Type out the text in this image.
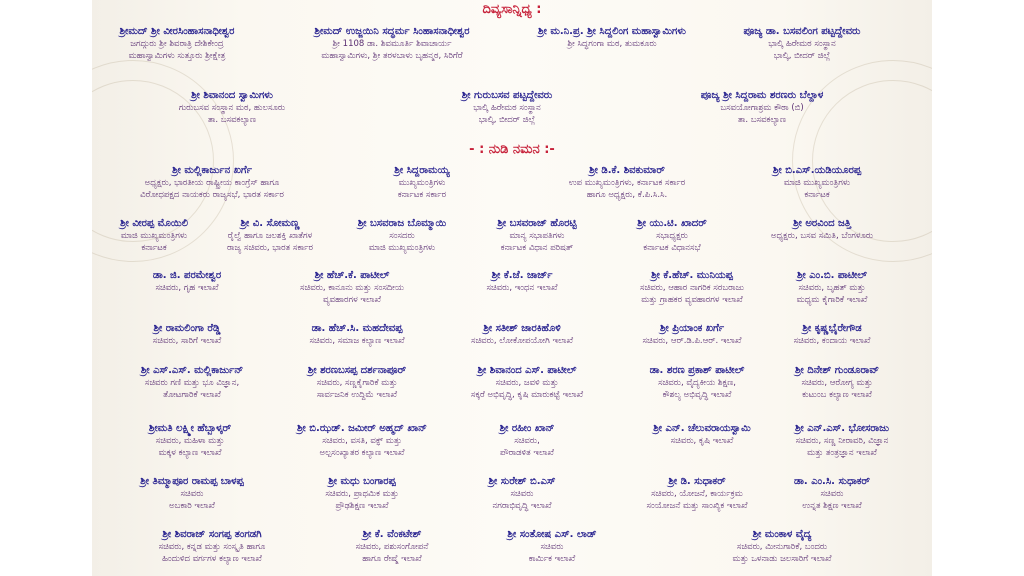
ದಿವ್ಯಸಾನ್ನಿಧ್ಯ :
ಶ್ರೀಮದ್ ಶ್ರೀ ವೀರಸಿಂಹಾಸನಾಧೀಶ್ವರ
ಜಗದ್ಗುರು ಶ್ರೀ ಶಿವರಾತ್ರಿ ದೇಶಿಕೇಂದ್ರ
ಮಹಾಸ್ವಾಮಿಗಳು ಸುತ್ತೂರು ಶ್ರೀಕ್ಷೇತ್ರ
ಶ್ರೀಮದ್ ಉಜ್ಜಯಿನಿ ಸದ್ಧರ್ಮ ಸಿಂಹಾಸನಾಧೀಶ್ವರ
ಶ್ರೀ 1108 ಡಾ. ಶಿವಮೂರ್ತಿ ಶಿವಾಚಾರ್ಯ
ಮಹಾಸ್ವಾಮಿಗಳು, ಶ್ರೀ ತರಳಬಾಳು ಬೃಹನ್ಮಠ, ಸಿರಿಗೆರೆ
ಶ್ರೀ ಮ.ನಿ.ಪ್ರ. ಶ್ರೀ ಸಿದ್ದಲಿಂಗ ಮಹಾಸ್ವಾಮಿಗಳು
ಶ್ರೀ ಸಿದ್ಧಗಂಗಾ ಮಠ, ತುಮಕೂರು
ಪೂಜ್ಯ ಡಾ. ಬಸವಲಿಂಗ ಪಟ್ಟದ್ದೇವರು
ಭಾಲ್ಕಿ ಹಿರೇಮಠ ಸಂಸ್ಥಾನ
ಭಾಲ್ಕಿ, ಬೀದರ್ ಜಿಲ್ಲೆ
ಶ್ರೀ ಶಿವಾನಂದ ಸ್ವಾಮಿಗಳು
ಗುರುಬಸವ ಸಂಸ್ಥಾನ ಮಠ, ಹುಲಸೂರು
ತಾ. ಬಸವಕಲ್ಯಾಣ
ಶ್ರೀ ಗುರುಬಸವ ಪಟ್ಟದ್ದೇವರು
ಭಾಲ್ಕಿ ಹಿರೇಮಠ ಸಂಸ್ಥಾನ
ಭಾಲ್ಕಿ, ಬೀದರ್ ಜಿಲ್ಲೆ
ಪೂಜ್ಯ ಶ್ರೀ ಸಿದ್ದರಾಮ ಶರಣರು ಬೆಲ್ದಾಳ
ಬಸವಯೋಗಾಶ್ರಮ ಕೌಠಾ (ಬಿ)
ತಾ. ಬಸವಕಲ್ಯಾಣ
- : ನುಡಿ ನಮನ :-
ಶ್ರೀ ಮಲ್ಲಿಕಾರ್ಜುನ ಖರ್ಗೆ
ಅಧ್ಯಕ್ಷರು, ಭಾರತೀಯ ರಾಷ್ಟ್ರೀಯ ಕಾಂಗ್ರೆಸ್ ಹಾಗೂ
ವಿರೋಧಪಕ್ಷದ ನಾಯಕರು ರಾಜ್ಯಸಭೆ, ಭಾರತ ಸರ್ಕಾರ
ಶ್ರೀ ಸಿದ್ದರಾಮಯ್ಯ
ಮುಖ್ಯಮಂತ್ರಿಗಳು
ಕರ್ನಾಟಕ ಸರ್ಕಾರ
ಶ್ರೀ ಡಿ.ಕೆ. ಶಿವಕುಮಾರ್
ಉಪ ಮುಖ್ಯಮಂತ್ರಿಗಳು, ಕರ್ನಾಟಕ ಸರ್ಕಾರ
ಹಾಗೂ ಅಧ್ಯಕ್ಷರು, ಕೆ.ಪಿ.ಸಿ.ಸಿ.
ಶ್ರೀ ಬಿ.ಎಸ್.ಯಡಿಯೂರಪ್ಪ
ಮಾಜಿ ಮುಖ್ಯಮಂತ್ರಿಗಳು
ಕರ್ನಾಟಕ
ಶ್ರೀ ವೀರಪ್ಪ ಮೊಯಿಲಿ
ಮಾಜಿ ಮುಖ್ಯಮಂತ್ರಿಗಳು
ಕರ್ನಾಟಕ
ಶ್ರೀ ವಿ. ಸೋಮಣ್ಣ
ರೈಲ್ವೆ ಹಾಗೂ ಜಲಶಕ್ತಿ ಖಾತೆಗಳ
ರಾಜ್ಯ ಸಚಿವರು, ಭಾರತ ಸರ್ಕಾರ
ಶ್ರೀ ಬಸವರಾಜ ಬೊಮ್ಮಾಯಿ
ಸಂಸದರು
ಮಾಜಿ ಮುಖ್ಯಮಂತ್ರಿಗಳು
ಶ್ರೀ ಬಸವರಾಜ್ ಹೊರಟ್ಟಿ
ಮಾನ್ಯ ಸಭಾಪತಿಗಳು
ಕರ್ನಾಟಕ ವಿಧಾನ ಪರಿಷತ್
ಶ್ರೀ ಯು.ಟಿ. ಖಾದರ್
ಸಭಾಧ್ಯಕ್ಷರು
ಕರ್ನಾಟಕ ವಿಧಾನಸಭೆ
ಶ್ರೀ ಅರವಿಂದ ಜತ್ತಿ
ಅಧ್ಯಕ್ಷರು, ಬಸವ ಸಮಿತಿ, ಬೆಂಗಳೂರು
ಡಾ. ಜಿ. ಪರಮೇಶ್ವರ
ಸಚಿವರು, ಗೃಹ ಇಲಾಖೆ
ಶ್ರೀ ಹೆಚ್.ಕೆ. ಪಾಟೀಲ್
ಸಚಿವರು, ಕಾನೂನು ಮತ್ತು ಸಂಸದೀಯ
ವ್ಯವಹಾರಗಳ ಇಲಾಖೆ
ಶ್ರೀ ಕೆ.ಜೆ. ಜಾರ್ಜ್
ಸಚಿವರು, ಇಂಧನ ಇಲಾಖೆ
ಶ್ರೀ ಕೆ.ಹೆಚ್. ಮುನಿಯಪ್ಪ
ಸಚಿವರು, ಆಹಾರ ನಾಗರಿಕ ಸರಬರಾಜು
ಮತ್ತು ಗ್ರಾಹಕರ ವ್ಯವಹಾರಗಳ ಇಲಾಖೆ
ಶ್ರೀ ಎಂ.ಬಿ. ಪಾಟೀಲ್
ಸಚಿವರು, ಬೃಹತ್ ಮತ್ತು
ಮಧ್ಯಮ ಕೈಗಾರಿಕೆ ಇಲಾಖೆ
ಶ್ರೀ ರಾಮಲಿಂಗಾ ರೆಡ್ಡಿ
ಸಚಿವರು, ಸಾರಿಗೆ ಇಲಾಖೆ
ಡಾ. ಹೆಚ್.ಸಿ. ಮಹದೇವಪ್ಪ
ಸಚಿವರು, ಸಮಾಜ ಕಲ್ಯಾಣ ಇಲಾಖೆ
ಶ್ರೀ ಸತೀಶ್ ಜಾರಕಿಹೊಳಿ
ಸಚಿವರು, ಲೋಕೋಪಯೋಗಿ ಇಲಾಖೆ
ಶ್ರೀ ಪ್ರಿಯಾಂಕ ಖರ್ಗೆ
ಸಚಿವರು, ಆರ್.ಡಿ.ಪಿ.ಆರ್. ಇಲಾಖೆ
ಶ್ರೀ ಕೃಷ್ಣಭೈರೇಗೌಡ
ಸಚಿವರು, ಕಂದಾಯ ಇಲಾಖೆ
ಶ್ರೀ ಎಸ್.ಎಸ್. ಮಲ್ಲಿಕಾರ್ಜುನ್
ಸಚಿವರು ಗಣಿ ಮತ್ತು ಭೂ ವಿಜ್ಞಾನ,
ತೋಟಗಾರಿಕೆ ಇಲಾಖೆ
ಶ್ರೀ ಶರಣಬಸಪ್ಪ ದರ್ಶನಾಪೂರ್
ಸಚಿವರು, ಸಣ್ಣಕೈಗಾರಿಕೆ ಮತ್ತು
ಸಾರ್ವಜನಿಕ ಉದ್ದಿಮೆ ಇಲಾಖೆ
ಶ್ರೀ ಶಿವಾನಂದ ಎಸ್. ಪಾಟೀಲ್
ಸಚಿವರು, ಜವಳಿ ಮತ್ತು
ಸಕ್ಕರೆ ಅಭಿವೃದ್ಧಿ, ಕೃಷಿ ಮಾರುಕಟ್ಟೆ ಇಲಾಖೆ
ಡಾ. ಶರಣ ಪ್ರಕಾಶ್ ಪಾಟೀಲ್
ಸಚಿವರು, ವೈದ್ಯಕೀಯ ಶಿಕ್ಷಣ,
ಕೌಶಲ್ಯ ಅಭಿವೃದ್ಧಿ ಇಲಾಖೆ
ಶ್ರೀ ದಿನೇಶ್ ಗುಂಡೂರಾವ್
ಸಚಿವರು, ಆರೋಗ್ಯ ಮತ್ತು
ಕುಟುಂಬ ಕಲ್ಯಾಣ ಇಲಾಖೆ
ಶ್ರೀಮತಿ ಲಕ್ಷ್ಮೀ ಹೆಬ್ಬಾಳ್ಕರ್
ಸಚಿವರು, ಮಹಿಳಾ ಮತ್ತು
ಮಕ್ಕಳ ಕಲ್ಯಾಣ ಇಲಾಖೆ
ಶ್ರೀ ಬಿ.ಝಡ್. ಜಮೀರ್ ಅಹ್ಮದ್ ಖಾನ್
ಸಚಿವರು, ವಸತಿ, ವಕ್ಫ್ ಮತ್ತು
ಅಲ್ಪಸಂಖ್ಯಾತರ ಕಲ್ಯಾಣ ಇಲಾಖೆ
ಶ್ರೀ ರಹೀಂ ಖಾನ್
ಸಚಿವರು,
ಪೌರಾಡಳಿತ ಇಲಾಖೆ
ಶ್ರೀ ಎನ್. ಚೆಲುವರಾಯಸ್ವಾಮಿ
ಸಚಿವರು, ಕೃಷಿ ಇಲಾಖೆ
ಶ್ರೀ ಎನ್.ಎಸ್. ಭೋಸರಾಜು
ಸಚಿವರು, ಸಣ್ಣ ನೀರಾವರಿ, ವಿಜ್ಞಾನ
ಮತ್ತು ತಂತ್ರಜ್ಞಾನ ಇಲಾಖೆ
ಶ್ರೀ ತಿಮ್ಮಾಪೂರ ರಾಮಪ್ಪ ಬಾಳಪ್ಪ
ಸಚಿವರು
ಅಬಕಾರಿ ಇಲಾಖೆ
ಶ್ರೀ ಮಧು ಬಂಗಾರಪ್ಪ
ಸಚಿವರು, ಪ್ರಾಥಮಿಕ ಮತ್ತು
ಪ್ರೌಢಶಿಕ್ಷಣ ಇಲಾಖೆ
ಶ್ರೀ ಸುರೇಶ್ ಬಿ.ಎಸ್
ಸಚಿವರು
ನಗರಾಭಿವೃದ್ಧಿ ಇಲಾಖೆ
ಶ್ರೀ ಡಿ. ಸುಧಾಕರ್
ಸಚಿವರು, ಯೋಜನೆ, ಕಾರ್ಯಕ್ರಮ
ಸಂಯೋಜನೆ ಮತ್ತು ಸಾಂಖ್ಯಿಕ ಇಲಾಖೆ
ಡಾ. ಎಂ.ಸಿ. ಸುಧಾಕರ್
ಸಚಿವರು
ಉನ್ನತ ಶಿಕ್ಷಣ ಇಲಾಖೆ
ಶ್ರೀ ಶಿವರಾಜ್ ಸಂಗಪ್ಪ ತಂಗಡಗಿ
ಸಚಿವರು, ಕನ್ನಡ ಮತ್ತು ಸಂಸ್ಕೃತಿ ಹಾಗೂ
ಹಿಂದುಳಿದ ವರ್ಗಗಳ ಕಲ್ಯಾಣ ಇಲಾಖೆ
ಶ್ರೀ ಕೆ. ವೆಂಕಟೇಶ್
ಸಚಿವರು, ಪಶುಸಂಗೋಪನೆ
ಹಾಗೂ ರೇಷ್ಮೆ ಇಲಾಖೆ
ಶ್ರೀ ಸಂತೋಷ ಎಸ್. ಲಾಡ್
ಸಚಿವರು
ಕಾರ್ಮಿಕ ಇಲಾಖೆ
ಶ್ರೀ ಮಂಕಾಳ ವೈದ್ಯ
ಸಚಿವರು, ಮೀನುಗಾರಿಕೆ, ಬಂದರು
ಮತ್ತು ಒಳನಾಡು ಜಲಸಾರಿಗೆ ಇಲಾಖೆ
